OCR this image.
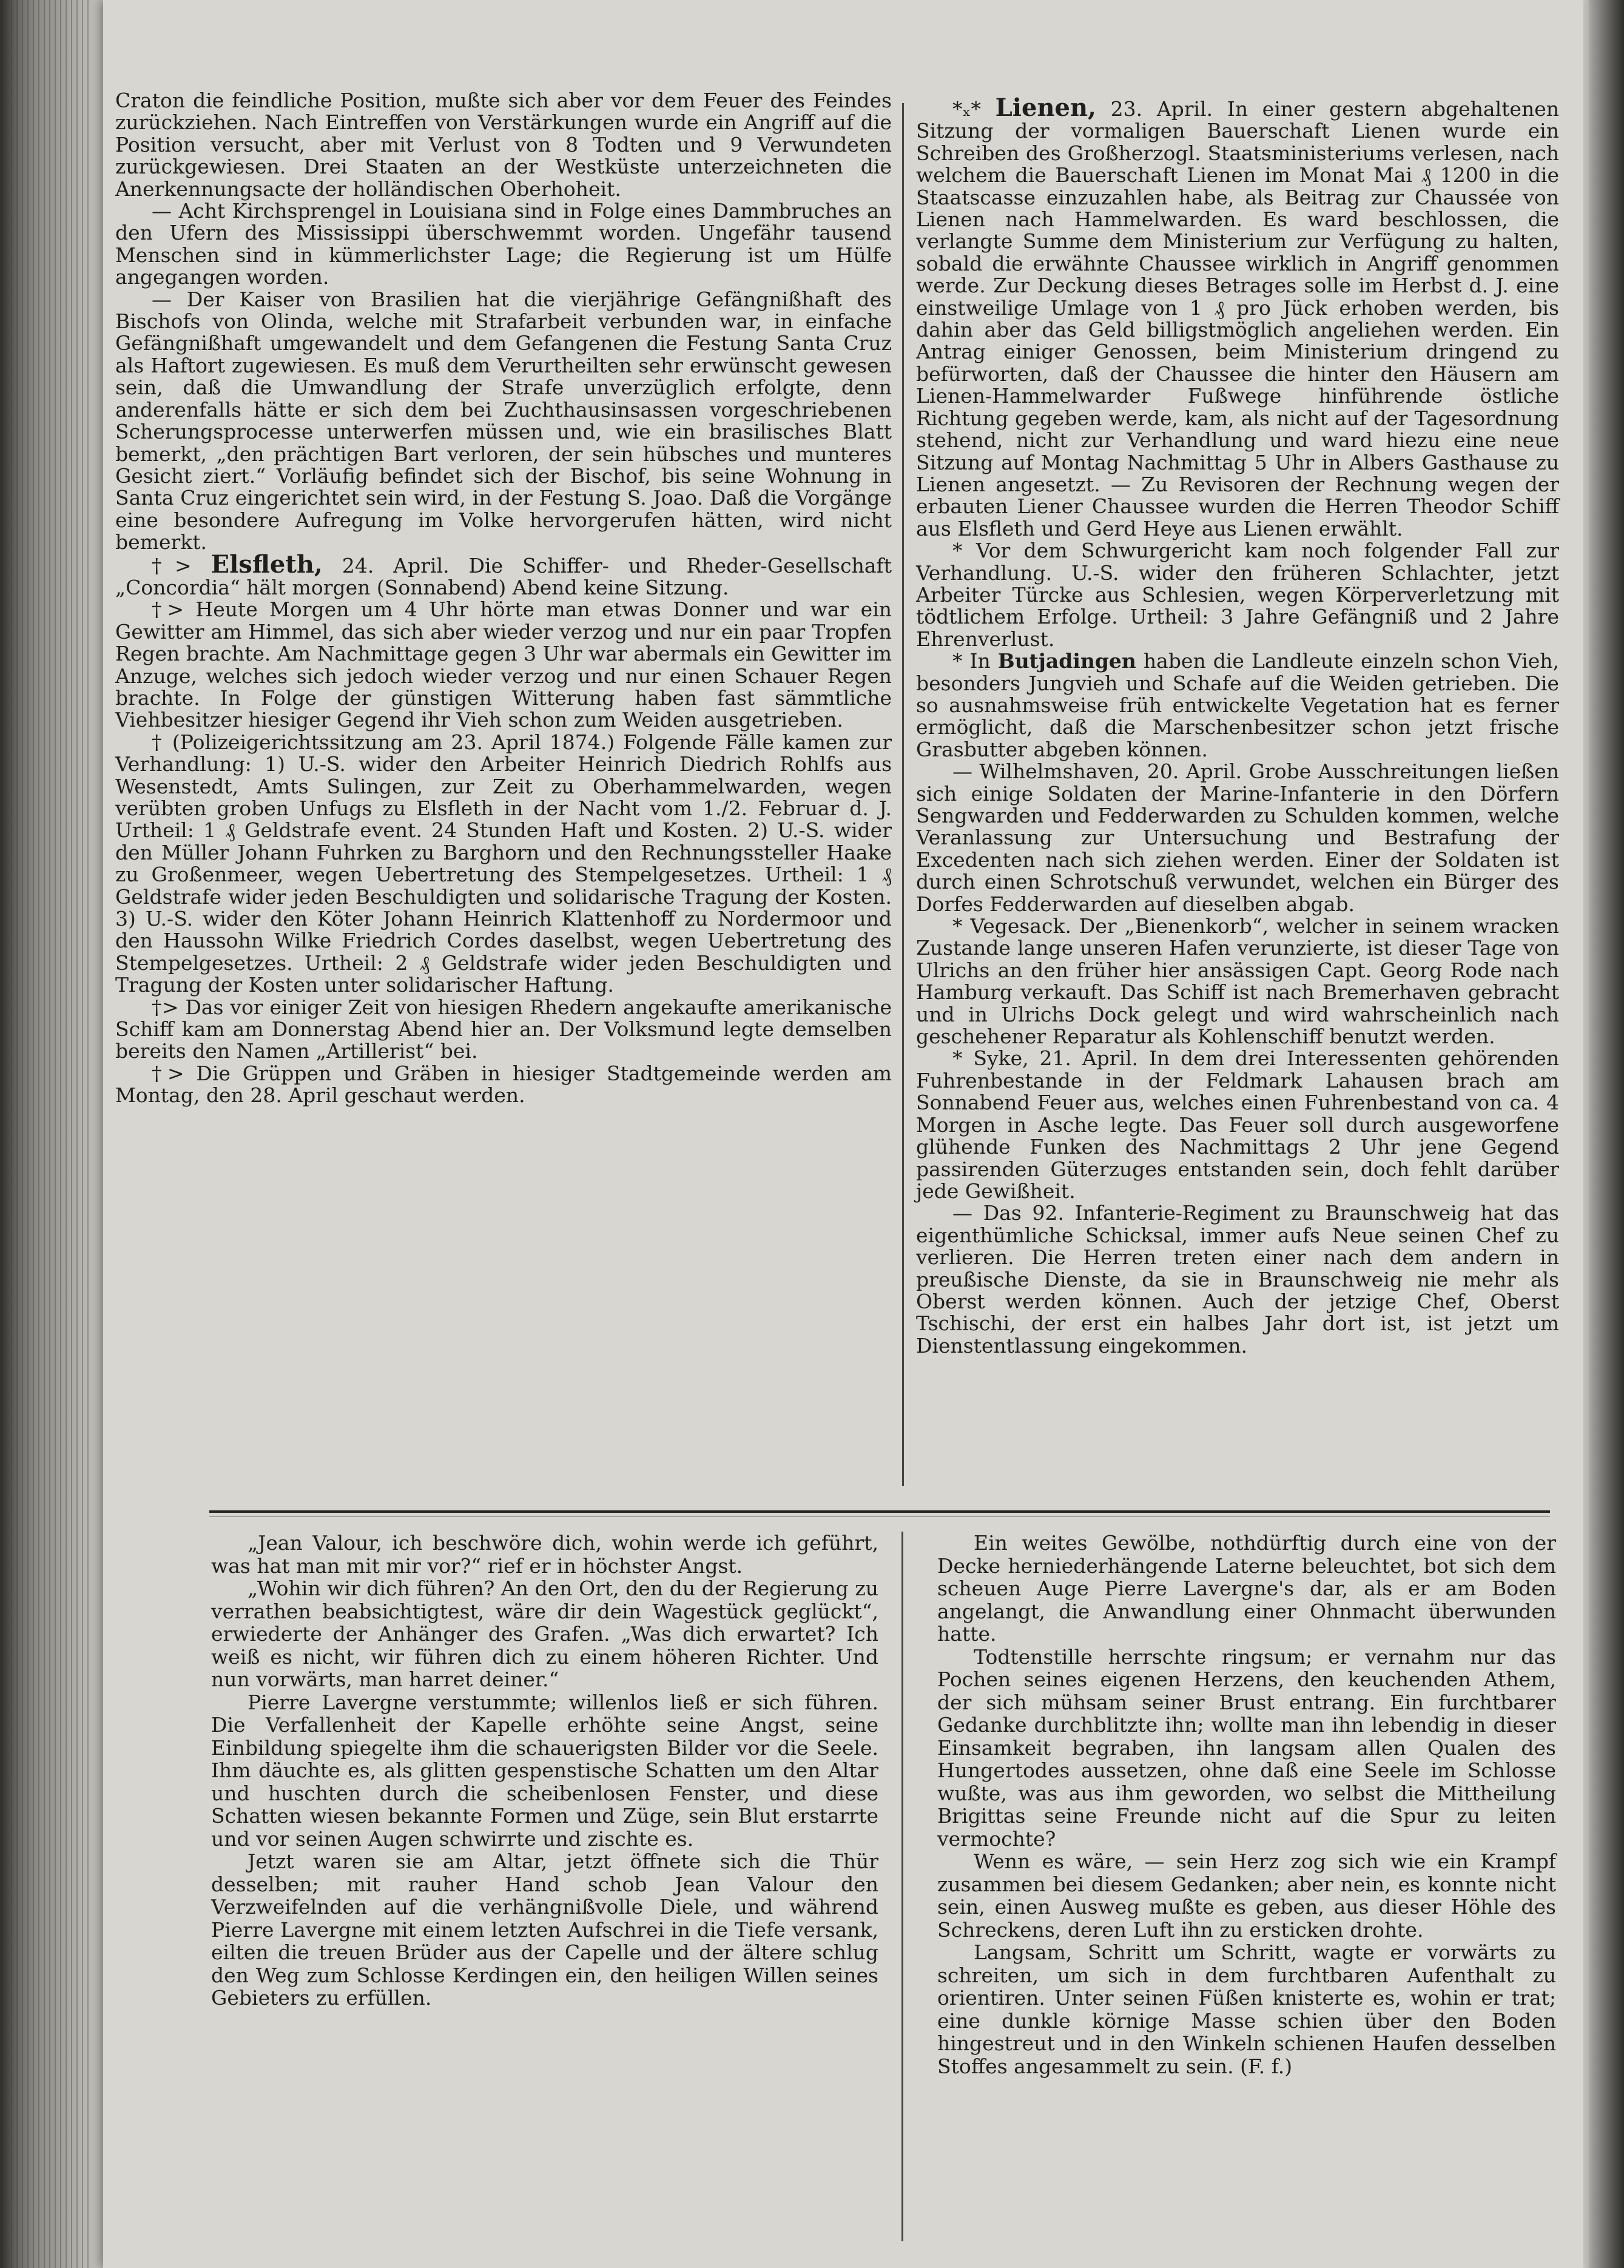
Craton die feindliche Position, mußte sich aber vor dem Feuer des Feindes zurückziehen. Nach Eintreffen von Verstärkungen wurde ein Angriff auf die Position versucht, aber mit Verlust von 8 Todten und 9 Verwundeten zurückgewiesen. Drei Staaten an der Westküste unterzeichneten die Anerkennungsacte der holländischen Oberhoheit.

— Acht Kirchsprengel in Louisiana sind in Folge eines Dammbruches an den Ufern des Mississippi überschwemmt worden. Ungefähr tausend Menschen sind in kümmerlichster Lage; die Regierung ist um Hülfe angegangen worden.

— Der Kaiser von Brasilien hat die vierjährige Gefängnißhaft des Bischofs von Olinda, welche mit Strafarbeit verbunden war, in einfache Gefängnißhaft umgewandelt und dem Gefangenen die Festung Santa Cruz als Haftort zugewiesen. Es muß dem Verurtheilten sehr erwünscht gewesen sein, daß die Umwandlung der Strafe unverzüglich erfolgte, denn anderenfalls hätte er sich dem bei Zuchthausinsassen vorgeschriebenen Scherungsprocesse unterwerfen müssen und, wie ein brasilisches Blatt bemerkt, „den prächtigen Bart verloren, der sein hübsches und munteres Gesicht ziert.“ Vorläufig befindet sich der Bischof, bis seine Wohnung in Santa Cruz eingerichtet sein wird, in der Festung S. Joao. Daß die Vorgänge eine besondere Aufregung im Volke hervorgerufen hätten, wird nicht bemerkt.

†> Elsfleth, 24. April. Die Schiffer- und Rheder-Gesellschaft „Concordia“ hält morgen (Sonnabend) Abend keine Sitzung.

†> Heute Morgen um 4 Uhr hörte man etwas Donner und war ein Gewitter am Himmel, das sich aber wieder verzog und nur ein paar Tropfen Regen brachte. Am Nachmittage gegen 3 Uhr war abermals ein Gewitter im Anzuge, welches sich jedoch wieder verzog und nur einen Schauer Regen brachte. In Folge der günstigen Witterung haben fast sämmtliche Viehbesitzer hiesiger Gegend ihr Vieh schon zum Weiden ausgetrieben.

† (Polizeigerichtssitzung am 23. April 1874.) Folgende Fälle kamen zur Verhandlung: 1) U.-S. wider den Arbeiter Heinrich Diedrich Rohlfs aus Wesenstedt, Amts Sulingen, zur Zeit zu Oberhammelwarden, wegen verübten groben Unfugs zu Elsfleth in der Nacht vom 1./2. Februar d. J. Urtheil: 1 ₰ Geldstrafe event. 24 Stunden Haft und Kosten. 2) U.-S. wider den Müller Johann Fuhrken zu Barghorn und den Rechnungssteller Haake zu Großenmeer, wegen Uebertretung des Stempelgesetzes. Urtheil: 1 ₰ Geldstrafe wider jeden Beschuldigten und solidarische Tragung der Kosten. 3) U.-S. wider den Köter Johann Heinrich Klattenhoff zu Nordermoor und den Haussohn Wilke Friedrich Cordes daselbst, wegen Uebertretung des Stempelgesetzes. Urtheil: 2 ₰ Geldstrafe wider jeden Beschuldigten und Tragung der Kosten unter solidarischer Haftung.

†> Das vor einiger Zeit von hiesigen Rhedern angekaufte amerikanische Schiff kam am Donnerstag Abend hier an. Der Volksmund legte demselben bereits den Namen „Artillerist“ bei.

†> Die Grüppen und Gräben in hiesiger Stadtgemeinde werden am Montag, den 28. April geschaut werden.

*ₓ* Lienen, 23. April. In einer gestern abgehaltenen Sitzung der vormaligen Bauerschaft Lienen wurde ein Schreiben des Großherzogl. Staatsministeriums verlesen, nach welchem die Bauerschaft Lienen im Monat Mai ₰ 1200 in die Staatscasse einzuzahlen habe, als Beitrag zur Chaussée von Lienen nach Hammelwarden. Es ward beschlossen, die verlangte Summe dem Ministerium zur Verfügung zu halten, sobald die erwähnte Chaussee wirklich in Angriff genommen werde. Zur Deckung dieses Betrages solle im Herbst d. J. eine einstweilige Umlage von 1 ₰ pro Jück erhoben werden, bis dahin aber das Geld billigstmöglich angeliehen werden. Ein Antrag einiger Genossen, beim Ministerium dringend zu befürworten, daß der Chaussee die hinter den Häusern am Lienen-Hammelwarder Fußwege hinführende östliche Richtung gegeben werde, kam, als nicht auf der Tagesordnung stehend, nicht zur Verhandlung und ward hiezu eine neue Sitzung auf Montag Nachmittag 5 Uhr in Albers Gasthause zu Lienen angesetzt. — Zu Revisoren der Rechnung wegen der erbauten Liener Chaussee wurden die Herren Theodor Schiff aus Elsfleth und Gerd Heye aus Lienen erwählt.

* Vor dem Schwurgericht kam noch folgender Fall zur Verhandlung. U.-S. wider den früheren Schlachter, jetzt Arbeiter Türcke aus Schlesien, wegen Körperverletzung mit tödtlichem Erfolge. Urtheil: 3 Jahre Gefängniß und 2 Jahre Ehrenverlust.

* In Butjadingen haben die Landleute einzeln schon Vieh, besonders Jungvieh und Schafe auf die Weiden getrieben. Die so ausnahmsweise früh entwickelte Vegetation hat es ferner ermöglicht, daß die Marschenbesitzer schon jetzt frische Grasbutter abgeben können.

— Wilhelmshaven, 20. April. Grobe Ausschreitungen ließen sich einige Soldaten der Marine-Infanterie in den Dörfern Sengwarden und Fedderwarden zu Schulden kommen, welche Veranlassung zur Untersuchung und Bestrafung der Excedenten nach sich ziehen werden. Einer der Soldaten ist durch einen Schrotschuß verwundet, welchen ein Bürger des Dorfes Fedderwarden auf dieselben abgab.

* Vegesack. Der „Bienenkorb“, welcher in seinem wracken Zustande lange unseren Hafen verunzierte, ist dieser Tage von Ulrichs an den früher hier ansässigen Capt. Georg Rode nach Hamburg verkauft. Das Schiff ist nach Bremerhaven gebracht und in Ulrichs Dock gelegt und wird wahrscheinlich nach geschehener Reparatur als Kohlenschiff benutzt werden.

* Syke, 21. April. In dem drei Interessenten gehörenden Fuhrenbestande in der Feldmark Lahausen brach am Sonnabend Feuer aus, welches einen Fuhrenbestand von ca. 4 Morgen in Asche legte. Das Feuer soll durch ausgeworfene glühende Funken des Nachmittags 2 Uhr jene Gegend passirenden Güterzuges entstanden sein, doch fehlt darüber jede Gewißheit.

— Das 92. Infanterie-Regiment zu Braunschweig hat das eigenthümliche Schicksal, immer aufs Neue seinen Chef zu verlieren. Die Herren treten einer nach dem andern in preußische Dienste, da sie in Braunschweig nie mehr als Oberst werden können. Auch der jetzige Chef, Oberst Tschischi, der erst ein halbes Jahr dort ist, ist jetzt um Dienstentlassung eingekommen.

„Jean Valour, ich beschwöre dich, wohin werde ich geführt, was hat man mit mir vor?“ rief er in höchster Angst.

„Wohin wir dich führen? An den Ort, den du der Regierung zu verrathen beabsichtigtest, wäre dir dein Wagestück geglückt“, erwiederte der Anhänger des Grafen. „Was dich erwartet? Ich weiß es nicht, wir führen dich zu einem höheren Richter. Und nun vorwärts, man harret deiner.“

Pierre Lavergne verstummte; willenlos ließ er sich führen. Die Verfallenheit der Kapelle erhöhte seine Angst, seine Einbildung spiegelte ihm die schauerigsten Bilder vor die Seele. Ihm däuchte es, als glitten gespenstische Schatten um den Altar und huschten durch die scheibenlosen Fenster, und diese Schatten wiesen bekannte Formen und Züge, sein Blut erstarrte und vor seinen Augen schwirrte und zischte es.

Jetzt waren sie am Altar, jetzt öffnete sich die Thür desselben; mit rauher Hand schob Jean Valour den Verzweifelnden auf die verhängnißvolle Diele, und während Pierre Lavergne mit einem letzten Aufschrei in die Tiefe versank, eilten die treuen Brüder aus der Capelle und der ältere schlug den Weg zum Schlosse Kerdingen ein, den heiligen Willen seines Gebieters zu erfüllen.

Ein weites Gewölbe, nothdürftig durch eine von der Decke herniederhängende Laterne beleuchtet, bot sich dem scheuen Auge Pierre Lavergne's dar, als er am Boden angelangt, die Anwandlung einer Ohnmacht überwunden hatte.

Todtenstille herrschte ringsum; er vernahm nur das Pochen seines eigenen Herzens, den keuchenden Athem, der sich mühsam seiner Brust entrang. Ein furchtbarer Gedanke durchblitzte ihn; wollte man ihn lebendig in dieser Einsamkeit begraben, ihn langsam allen Qualen des Hungertodes aussetzen, ohne daß eine Seele im Schlosse wußte, was aus ihm geworden, wo selbst die Mittheilung Brigittas seine Freunde nicht auf die Spur zu leiten vermochte?

Wenn es wäre, — sein Herz zog sich wie ein Krampf zusammen bei diesem Gedanken; aber nein, es konnte nicht sein, einen Ausweg mußte es geben, aus dieser Höhle des Schreckens, deren Luft ihn zu ersticken drohte.

Langsam, Schritt um Schritt, wagte er vorwärts zu schreiten, um sich in dem furchtbaren Aufenthalt zu orientiren. Unter seinen Füßen knisterte es, wohin er trat; eine dunkle körnige Masse schien über den Boden hingestreut und in den Winkeln schienen Haufen desselben Stoffes angesammelt zu sein. (F. f.)
